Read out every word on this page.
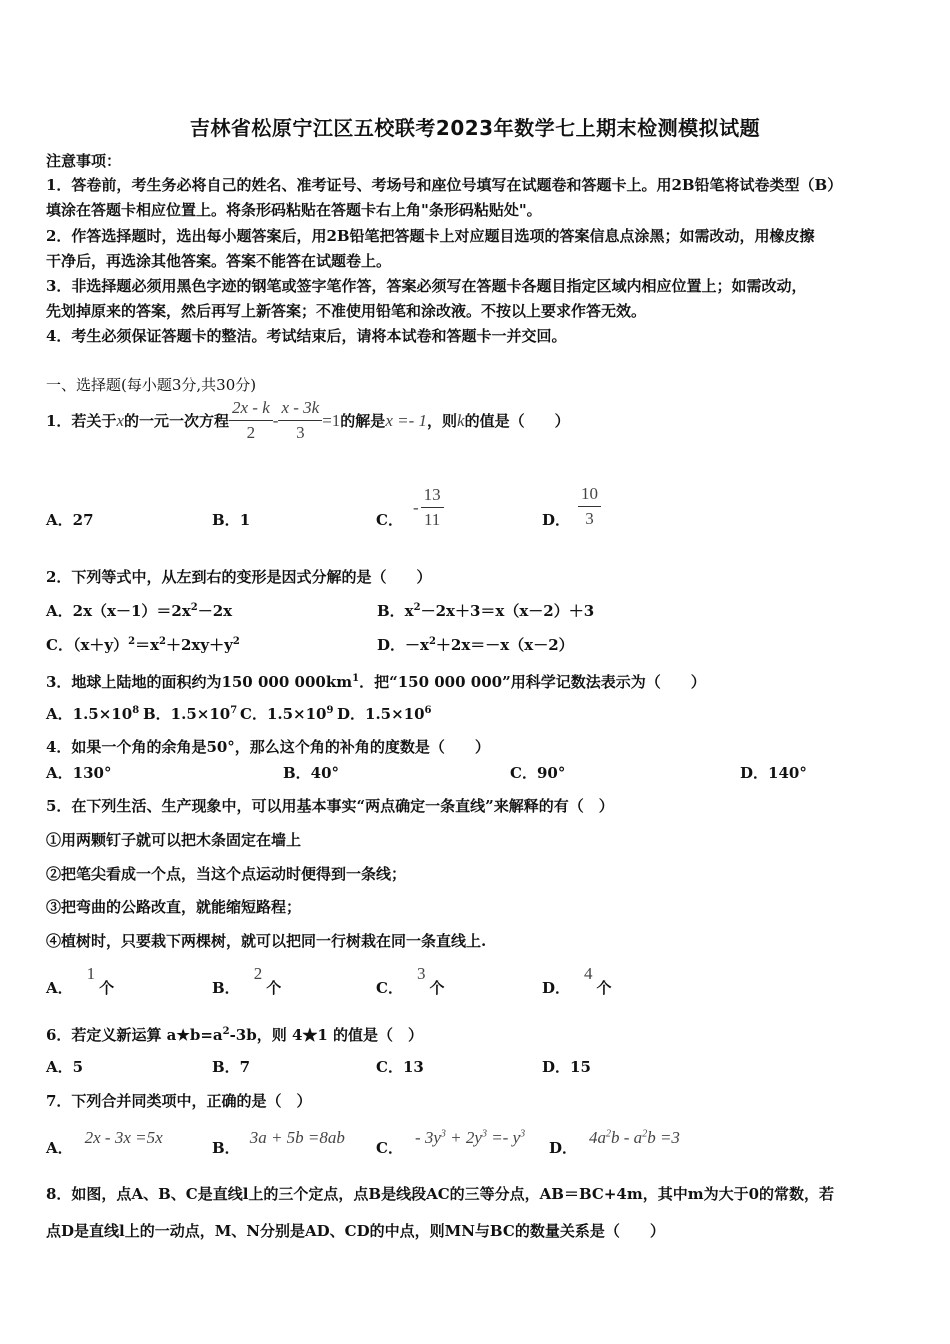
吉林省松原宁江区五校联考2023年数学七上期末检测模拟试题
注意事项：
1．答卷前，考生务必将自己的姓名、准考证号、考场号和座位号填写在试题卷和答题卡上。用2B铅笔将试卷类型（B）
填涂在答题卡相应位置上。将条形码粘贴在答题卡右上角"条形码粘贴处"。
2．作答选择题时，选出每小题答案后，用2B铅笔把答题卡上对应题目选项的答案信息点涂黑；如需改动，用橡皮擦
干净后，再选涂其他答案。答案不能答在试题卷上。
3．非选择题必须用黑色字迹的钢笔或签字笔作答，答案必须写在答题卡各题目指定区域内相应位置上；如需改动，
先划掉原来的答案，然后再写上新答案；不准使用铅笔和涂改液。不按以上要求作答无效。
4．考生必须保证答题卡的整洁。考试结束后，请将本试卷和答题卡一并交回。
一、选择题(每小题3分,共30分)
1．若关于 x 的一元一次方程 $\frac{2x - k}{2} - \frac{x - 3k}{3} =1$ 的解是 x =- 1 ，则 k 的值是（　　）
A．27	B．1	C．
- $\frac{13}{11}$	D． $\frac{10}{3}$
2．下列等式中，从左到右的变形是因式分解的是（　　）
A．$2x(x-1)=2x^2-2x$	B．$x^2-2x+3=x(x-2)+3$
C．$(x+y)^2=x^2+2xy+y^2$	D．$-x^2+2x=-x(x-2)$
3．地球上陆地的面积约为150 000 $000km^1$．把“150 000 000”用科学记数法表示为（　　）
A．$1.5\times 10^8$ B．$1.5\times 10^7$ C．$1.5\times 10^9$ D．$1.5\times 10^6$
4．如果一个角的余角是50°，那么这个角的补角的度数是（　　）
A．130°	B．40°	C．90°	D．140°
5．在下列生活、生产现象中，可以用基本事实“两点确定一条直线”来解释的有（　）
①用两颗钉子就可以把木条固定在墙上
②把笔尖看成一个点，当这个点运动时便得到一条线；
③把弯曲的公路改直，就能缩短路程；
④植树时，只要栽下两棵树，就可以把同一行树栽在同一条直线上.
A．
1
个	B．
2
个	C．
3
个	D．
4
个
6．若定义新运算 $a★b=a^2-3b$，则 4★1 的值是（　）
A．5	B．7	C．13	D．15
7．下列合并同类项中，正确的是（　）
A．
2x - 3x =5x
B．
3a + 5b =8ab
C．
- $3y^3 + 2y^3 =- y^3$
D．
$4a^2b - a^2b =3$
8．如图，点A、B、C是直线l上的三个定点，点B是线段AC的三等分点，AB＝BC+4m，其中m为大于0的常数，若
点D是直线l上的一动点，M、N分别是AD、CD的中点，则MN与BC的数量关系是（　　）
